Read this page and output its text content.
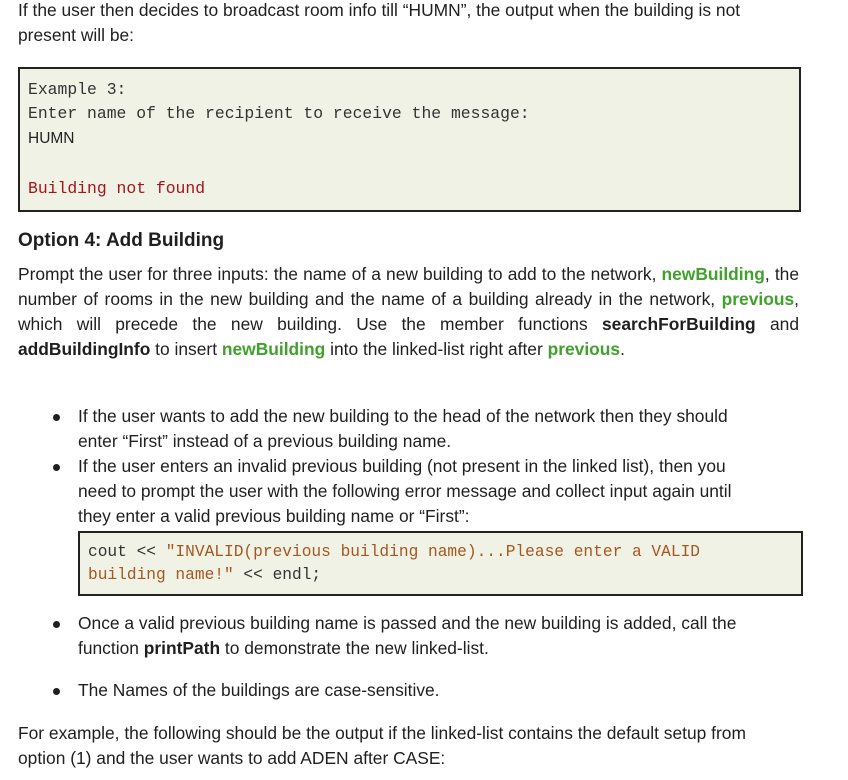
If the user then decides to broadcast room info till “HUMN”, the output when the building is not
present will be:
Example 3:
Enter name of the recipient to receive the message:
HUMN
Building not found
Option 4: Add Building

Prompt the user for three inputs: the name of a new building to add to the network, newBuilding, the number of rooms in the new building and the name of a building already in the network, previous, which will precede the new building. Use the member functions searchForBuilding and addBuildingInfo to insert newBuilding into the linked-list right after previous.

If the user wants to add the new building to the head of the network then they should
enter “First” instead of a previous building name.
If the user enters an invalid previous building (not present in the linked list), then you
need to prompt the user with the following error message and collect input again until
they enter a valid previous building name or “First”:
cout << "INVALID(previous building name)...Please enter a VALID
building name!" << endl;
Once a valid previous building name is passed and the new building is added, call the
function printPath to demonstrate the new linked-list.
The Names of the buildings are case-sensitive.
For example, the following should be the output if the linked-list contains the default setup from
option (1) and the user wants to add ADEN after CASE:
